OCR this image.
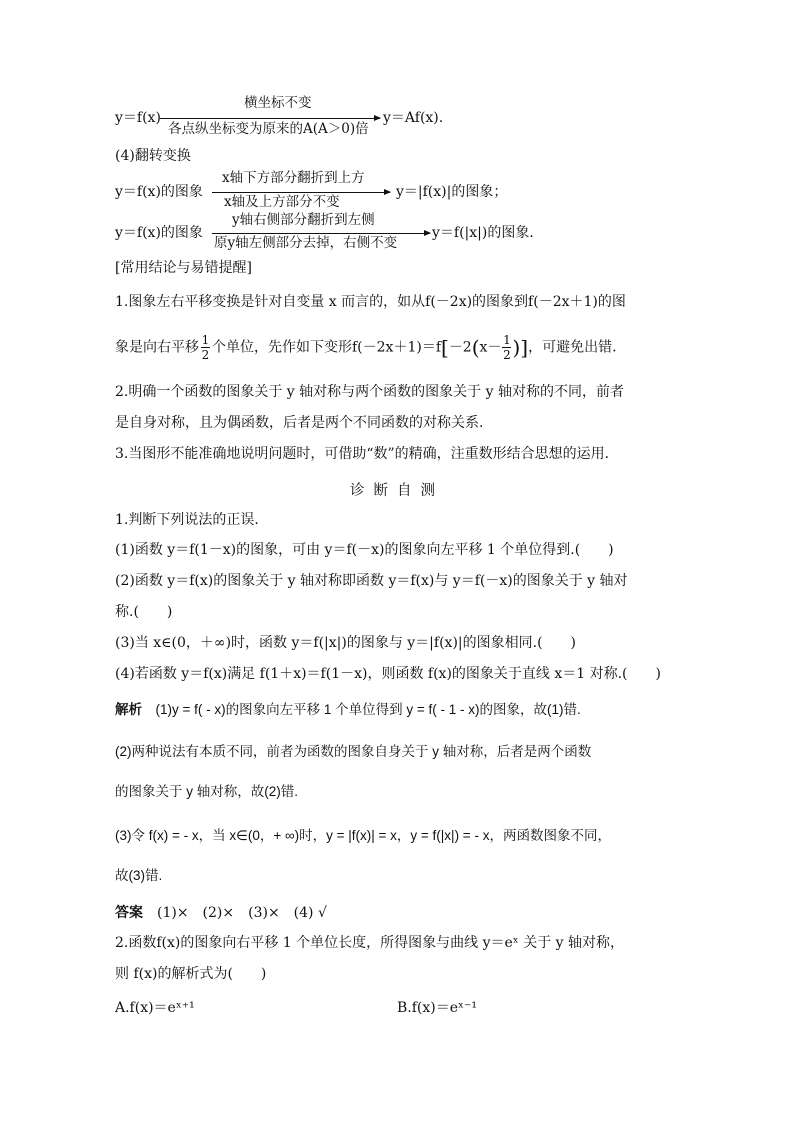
横坐标不变
y＝f(x)
各点纵坐标变为原来的A(A＞0)倍
y＝Af(x).
(4)翻转变换
x轴下方部分翻折到上方
y＝f(x)的图象
x轴及上方部分不变
y＝|f(x)|的图象；
y轴右侧部分翻折到左侧
y＝f(x)的图象
原y轴左侧部分去掉，右侧不变
y＝f(|x|)的图象.
[常用结论与易错提醒]
1.图象左右平移变换是针对自变量 x 而言的，如从f(－2x)的图象到f(－2x＋1)的图
象是向右平移 $\frac{1}{2}$ 个单位，先作如下变形$f(-2x+1)=f[-2(x- \frac{1}{2}$ )]，可避免出错.
2.明确一个函数的图象关于 y 轴对称与两个函数的图象关于 y 轴对称的不同，前者
是自身对称，且为偶函数，后者是两个不同函数的对称关系.
3.当图形不能准确地说明问题时，可借助“数”的精确，注重数形结合思想的运用.
诊断自测
1.判断下列说法的正误.
(1)函数 y＝f(1－x)的图象，可由 y＝f(－x)的图象向左平移 1 个单位得到.(　　)
(2)函数 y＝f(x)的图象关于 y 轴对称即函数 y＝f(x)与 y＝f(－x)的图象关于 y 轴对
称.(　　)
(3)当 x∈(0，＋∞)时，函数 y＝f(|x|)的图象与 y＝|f(x)|的图象相同.(　　)
(4)若函数 y＝f(x)满足 f(1＋x)＝f(1－x)，则函数 f(x)的图象关于直线 x＝1 对称.(　　)
解析　(1)y = f( - x)的图象向左平移 1 个单位得到 y = f( - 1 - x)的图象，故(1)错.
(2)两种说法有本质不同，前者为函数的图象自身关于 y 轴对称，后者是两个函数
的图象关于 y 轴对称，故(2)错.
(3)令 f(x) = - x，当 x∈(0，+ ∞)时，y = |f(x)| = x，y = f(|x|) = - x，两函数图象不同，
故(3)错.
答案　(1)×　(2)×　(3)×　(4) √
2.函数f(x)的图象向右平移 1 个单位长度，所得图象与曲线 y＝eˣ 关于 y 轴对称，
则 f(x)的解析式为(　　)
A.f(x)＝eˣ⁺¹	B.f(x)＝eˣ⁻¹
